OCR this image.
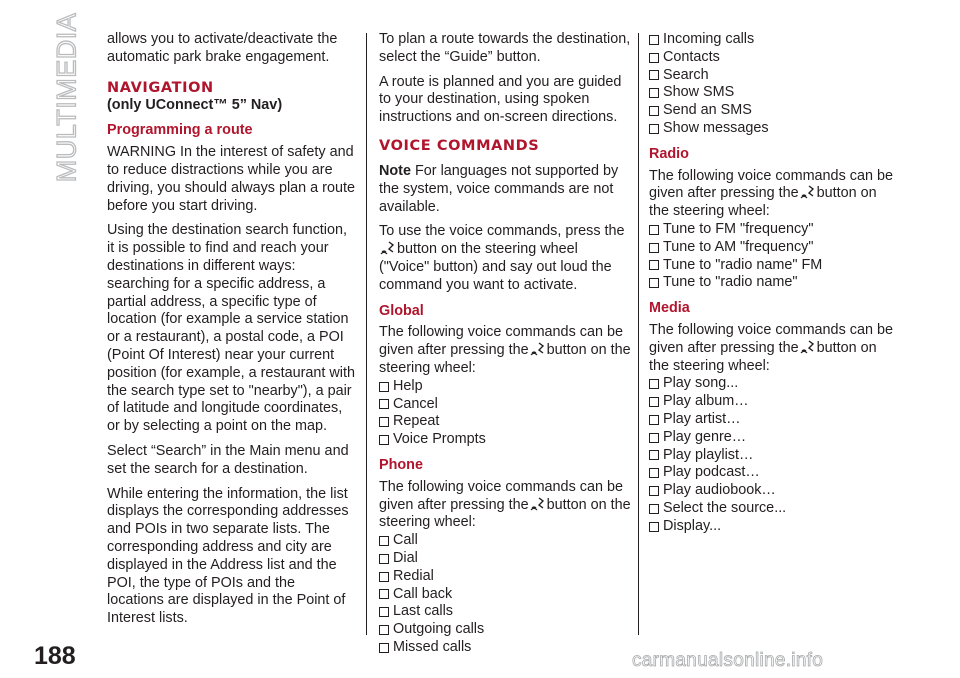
MULTIMEDIA allows you to activate/deactivate the automatic park brake engagement.

NAVIGATION
(only UConnect™ 5” Nav)
Programming a route

WARNING In the interest of safety and to reduce distractions while you are driving, you should always plan a route before you start driving.

Using the destination search function, it is possible to find and reach your destinations in different ways: searching for a specific address, a partial address, a specific type of location (for example a service station or a restaurant), a postal code, a POI (Point Of Interest) near your current position (for example, a restaurant with the search type set to "nearby"), a pair of latitude and longitude coordinates, or by selecting a point on the map.

Select “Search” in the Main menu and set the search for a destination.

While entering the information, the list displays the corresponding addresses and POIs in two separate lists. The corresponding address and city are displayed in the Address list and the POI, the type of POIs and the locations are displayed in the Point of Interest lists.

To plan a route towards the destination, select the “Guide” button.

A route is planned and you are guided to your destination, using spoken instructions and on-screen directions.

VOICE COMMANDS

Note For languages not supported by the system, voice commands are not available.

To use the voice commands, press the
button on the steering wheel ("Voice" button) and say out loud the command you want to activate.

Global
The following voice commands can be given after pressing the button on the steering wheel:
Help
Cancel
Repeat
Voice Prompts
Phone
The following voice commands can be given after pressing the button on the steering wheel:
Call
Dial
Redial
Call back
Last calls
Outgoing calls
Missed calls
Incoming calls
Contacts
Search
Show SMS
Send an SMS
Show messages
Radio
The following voice commands can be given after pressing the button on the steering wheel:
Tune to FM "frequency"
Tune to AM "frequency"
Tune to "radio name" FM
Tune to "radio name"
Media
The following voice commands can be given after pressing the button on the steering wheel:
Play song...
Play album…
Play artist…
Play genre…
Play playlist…
Play podcast…
Play audiobook…
Select the source...
Display...
188	carmanualsonline.info
